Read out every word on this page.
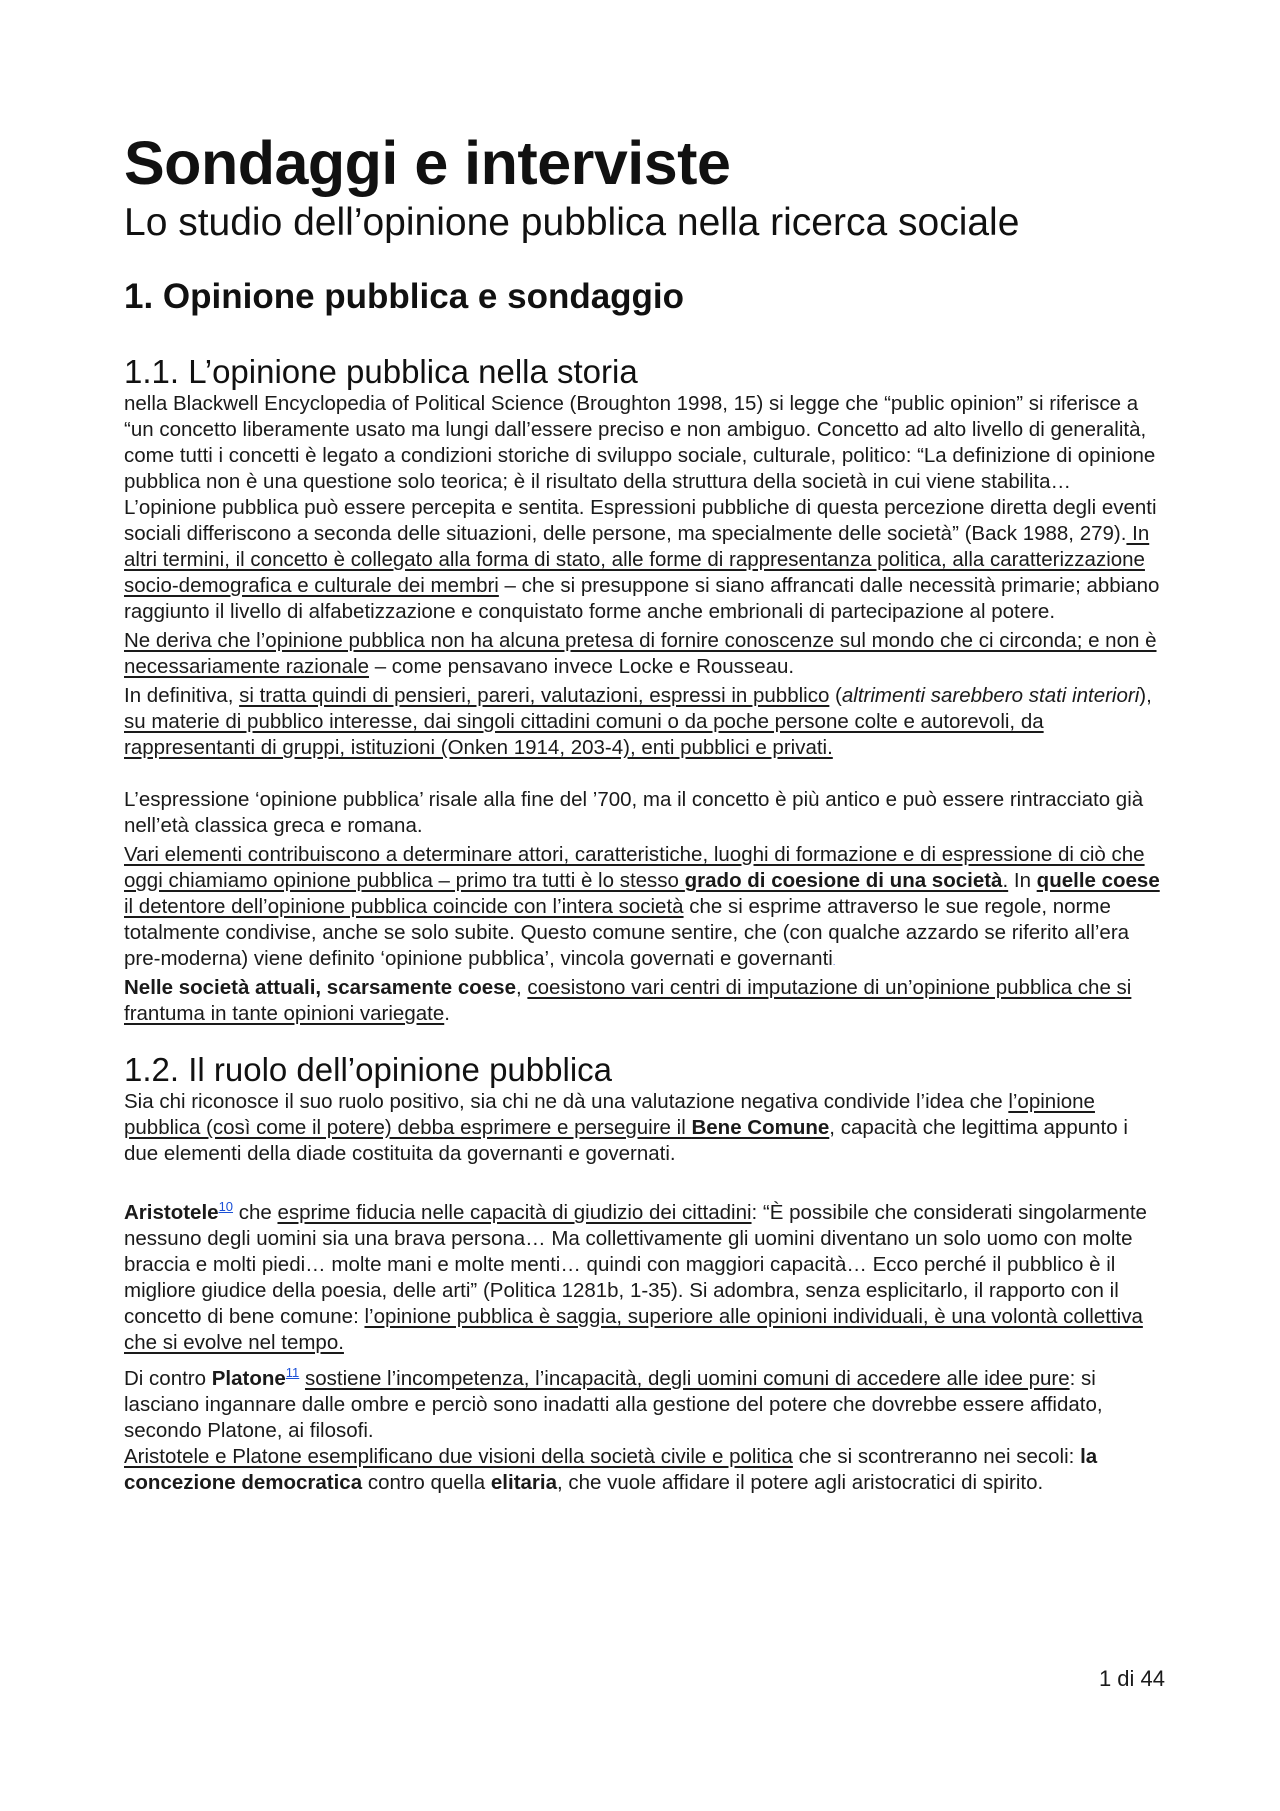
Sondaggi e interviste
Lo studio dell’opinione pubblica nella ricerca sociale
1. Opinione pubblica e sondaggio
1.1. L’opinione pubblica nella storia

nella Blackwell Encyclopedia of Political Science (Broughton 1998, 15) si legge che “public opinion” si riferisce a “un concetto liberamente usato ma lungi dall’essere preciso e non ambiguo. Concetto ad alto livello di generalità, come tutti i concetti è legato a condizioni storiche di sviluppo sociale, culturale, politico: “La definizione di opinione pubblica non è una questione solo teorica; è il risultato della struttura della società in cui viene stabilita… L’opinione pubblica può essere percepita e sentita. Espressioni pubbliche di questa percezione diretta degli eventi sociali differiscono a seconda delle situazioni, delle persone, ma specialmente delle società” (Back 1988, 279). In altri termini, il concetto è collegato alla forma di stato, alle forme di rappresentanza politica, alla caratterizzazione socio-demografica e culturale dei membri – che si presuppone si siano affrancati dalle necessità primarie; abbiano raggiunto il livello di alfabetizzazione e conquistato forme anche embrionali di partecipazione al potere.

Ne deriva che l’opinione pubblica non ha alcuna pretesa di fornire conoscenze sul mondo che ci circonda; e non è necessariamente razionale – come pensavano invece Locke e Rousseau.

In definitiva, si tratta quindi di pensieri, pareri, valutazioni, espressi in pubblico (altrimenti sarebbero stati interiori), su materie di pubblico interesse, dai singoli cittadini comuni o da poche persone colte e autorevoli, da rappresentanti di gruppi, istituzioni (Onken 1914, 203-4), enti pubblici e privati.

L’espressione ‘opinione pubblica’ risale alla fine del ’700, ma il concetto è più antico e può essere rintracciato già nell’età classica greca e romana.

Vari elementi contribuiscono a determinare attori, caratteristiche, luoghi di formazione e di espressione di ciò che oggi chiamiamo opinione pubblica – primo tra tutti è lo stesso grado di coesione di una società. In quelle coese il detentore dell’opinione pubblica coincide con l’intera società che si esprime attraverso le sue regole, norme totalmente condivise, anche se solo subite. Questo comune sentire, che (con qualche azzardo se riferito all’era pre-moderna) viene definito ‘opinione pubblica’, vincola governati e governanti.

Nelle società attuali, scarsamente coese, coesistono vari centri di imputazione di un’opinione pubblica che si frantuma in tante opinioni variegate.

1.2. Il ruolo dell’opinione pubblica

Sia chi riconosce il suo ruolo positivo, sia chi ne dà una valutazione negativa condivide l’idea che l’opinione pubblica (così come il potere) debba esprimere e perseguire il Bene Comune, capacità che legittima appunto i due elementi della diade costituita da governanti e governati.

Aristotele$^{10}$ che esprime fiducia nelle capacità di giudizio dei cittadini: “È possibile che considerati singolarmente nessuno degli uomini sia una brava persona… Ma collettivamente gli uomini diventano un solo uomo con molte braccia e molti piedi… molte mani e molte menti… quindi con maggiori capacità… Ecco perché il pubblico è il migliore giudice della poesia, delle arti” (Politica 1281b, 1-35). Si adombra, senza esplicitarlo, il rapporto con il concetto di bene comune: l’opinione pubblica è saggia, superiore alle opinioni individuali, è una volontà collettiva che si evolve nel tempo.

Di contro Platone$^{11}$ sostiene l’incompetenza, l’incapacità, degli uomini comuni di accedere alle idee pure: si lasciano ingannare dalle ombre e perciò sono inadatti alla gestione del potere che dovrebbe essere affidato, secondo Platone, ai filosofi.

Aristotele e Platone esemplificano due visioni della società civile e politica che si scontreranno nei secoli: la concezione democratica contro quella elitaria, che vuole affidare il potere agli aristocratici di spirito.

1 di 44
